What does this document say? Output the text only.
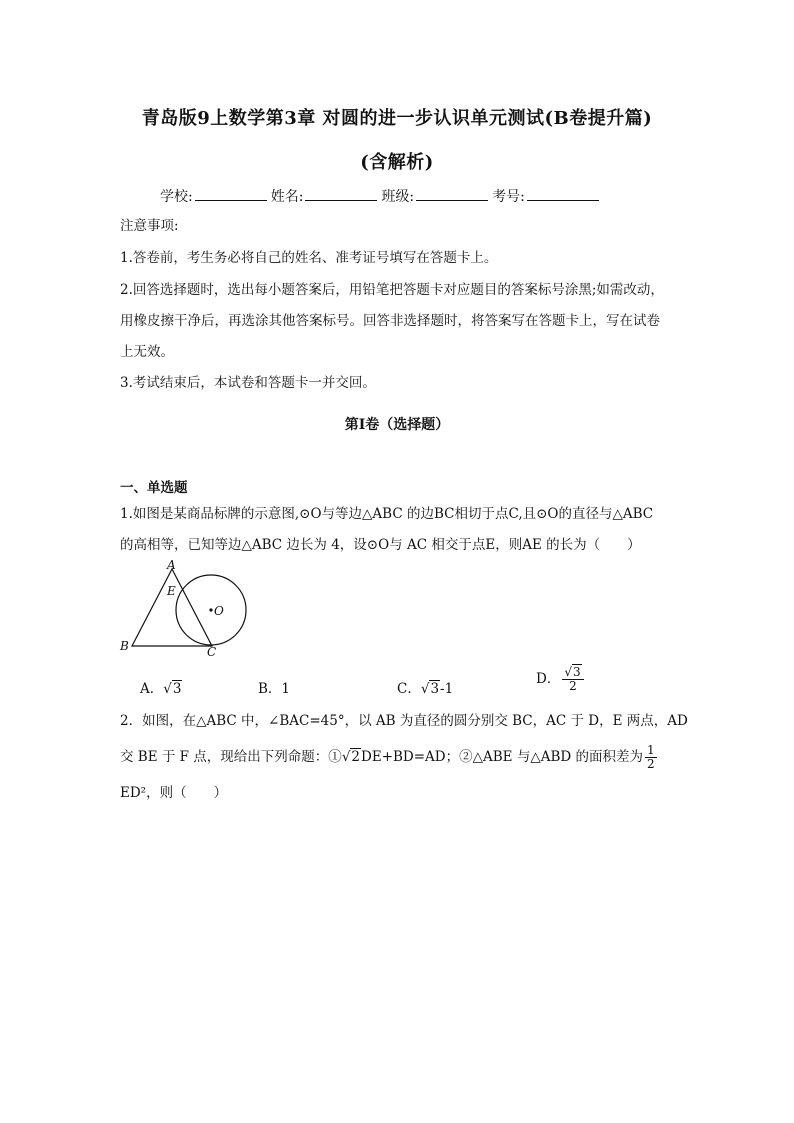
青岛版9上数学第3章 对圆的进一步认识单元测试(B卷提升篇)
(含解析)
学校:	姓名:	班级:	考号:
注意事项:
1.答卷前，考生务必将自己的姓名、准考证号填写在答题卡上。
2.回答选择题时，选出每小题答案后，用铅笔把答题卡对应题目的答案标号涂黑;如需改动，
用橡皮擦干净后，再选涂其他答案标号。回答非选择题时，将答案写在答题卡上，写在试卷
上无效。
3.考试结束后，本试卷和答题卡一并交回。
第I卷（选择题）
一、单选题
1.如图是某商品标牌的示意图,⊙O与等边△ABC 的边BC相切于点C,且⊙O的直径与△ABC
的高相等，已知等边△ABC 边长为 4，设⊙O与 AC 相交于点E，则AE 的长为（　　）
A
E
O
B	C
A．√3	B．1	C．√3-1
D． $\frac{√3}{2}$
2．如图，在△ABC 中，∠BAC=45°，以 AB 为直径的圆分别交 BC，AC 于 D，E 两点，AD
交 BE 于 F 点，现给出下列命题：①√2DE+BD=AD；②△ABE 与△ABD 的面积差为 $\frac{1}{2}$
ED²，则（　　）
